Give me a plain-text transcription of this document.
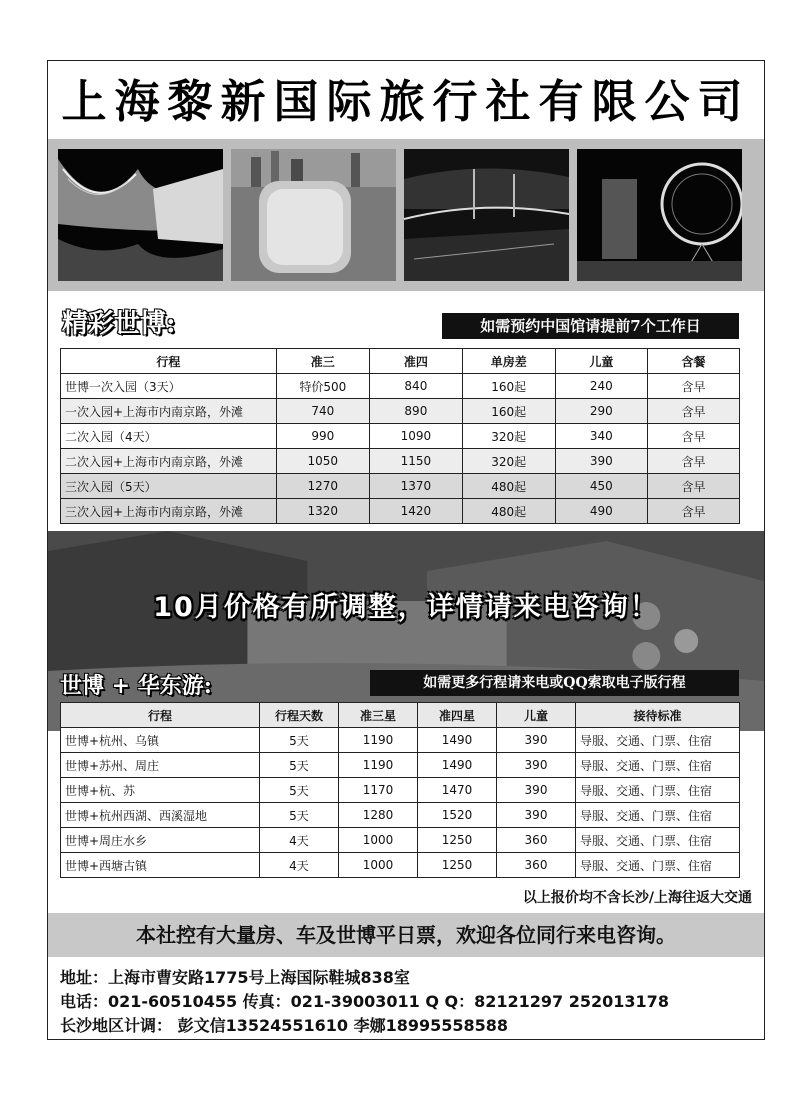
上海黎新国际旅行社有限公司
精彩世博:	如需预约中国馆请提前7个工作日
行程	准三	准四	单房差	儿童	含餐
世博一次入园（3天）	特价500	840	160起	240	含早
一次入园+上海市内南京路，外滩	740	890	160起	290	含早
二次入园（4天）	990	1090	320起	340	含早
二次入园+上海市内南京路，外滩	1050	1150	320起	390	含早
三次入园（5天）	1270	1370	480起	450	含早
三次入园+上海市内南京路，外滩	1320	1420	480起	490	含早
10月价格有所调整，详情请来电咨询！
世博 + 华东游:	如需更多行程请来电或QQ索取电子版行程
行程	行程天数	准三星	准四星	儿童	接待标准
世博+杭州、乌镇	5天	1190	1490	390	导服、交通、门票、住宿
世博+苏州、周庄	5天	1190	1490	390	导服、交通、门票、住宿
世博+杭、苏	5天	1170	1470	390	导服、交通、门票、住宿
世博+杭州西湖、西溪湿地	5天	1280	1520	390	导服、交通、门票、住宿
世博+周庄水乡	4天	1000	1250	360	导服、交通、门票、住宿
世博+西塘古镇	4天	1000	1250	360	导服、交通、门票、住宿
以上报价均不含长沙/上海往返大交通
本社控有大量房、车及世博平日票，欢迎各位同行来电咨询。
地址：上海市曹安路1775号上海国际鞋城838室
电话：021-60510455 传真：021-39003011 Q Q：82121297 252013178
长沙地区计调： 彭文信13524551610 李娜18995558588
